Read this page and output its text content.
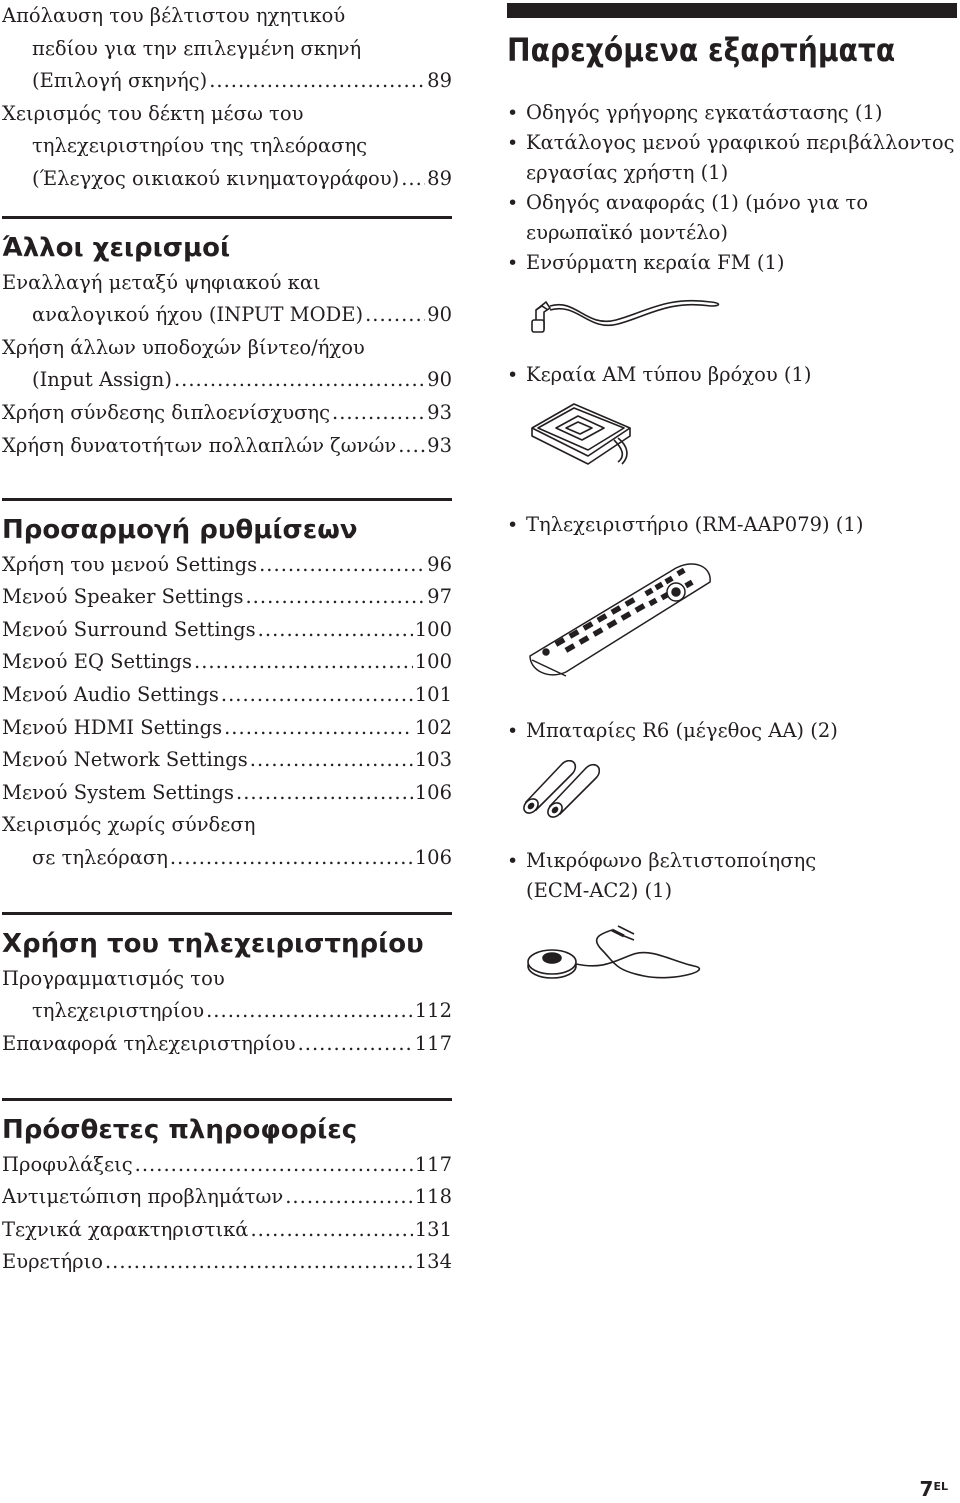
Απόλαυση του βέλτιστου ηχητικού
πεδίου για την επιλεγμένη σκηνή
(Επιλογή σκηνής) .....	89
Χειρισμός του δέκτη μέσω του
τηλεχειριστηρίου της τηλεόρασης
(Έλεγχος οικιακού κινηματογράφου) ..... 89
Άλλοι χειρισμοί
Εναλλαγή μεταξύ ψηφιακού και
αναλογικού ήχου (INPUT MODE) .....	90
Χρήση άλλων υποδοχών βίντεο/ήχου
(Input Assign) .....	90
Χρήση σύνδεσης διπλοενίσχυσης .....	93
Χρήση δυνατοτήτων πολλαπλών ζωνών ..... 93
Προσαρμογή ρυθμίσεων
Χρήση του μενού Settings .....	96
Μενού Speaker Settings .....	97
Μενού Surround Settings .....	100
Μενού EQ Settings .....	100
Μενού Audio Settings .....	101
Μενού HDMI Settings .....	102
Μενού Network Settings .....	103
Μενού System Settings .....	106
Χειρισμός χωρίς σύνδεση
σε τηλεόραση .....	106
Χρήση του τηλεχειριστηρίου
Προγραμματισμός του
τηλεχειριστηρίου .....	112
Επαναφορά τηλεχειριστηρίου .....	117
Πρόσθετες πληροφορίες
Προφυλάξεις .....	117
Αντιμετώπιση προβλημάτων .....	118
Τεχνικά χαρακτηριστικά .....	131
Ευρετήριο .....	134
Παρεχόμενα εξαρτήματα
• Οδηγός γρήγορης εγκατάστασης (1)
• Κατάλογος μενού γραφικού περιβάλλοντος
εργασίας χρήστη (1)
• Οδηγός αναφοράς (1) (μόνο για το
ευρωπαϊκό μοντέλο)
• Ενσύρματη κεραία FM (1)
• Κεραία AM τύπου βρόχου (1)
• Τηλεχειριστήριο (RM-AAP079) (1)
• Μπαταρίες R6 (μέγεθος AA) (2)
• Μικρόφωνο βελτιστοποίησης
(ECM-AC2) (1)
$7^{EL}$
